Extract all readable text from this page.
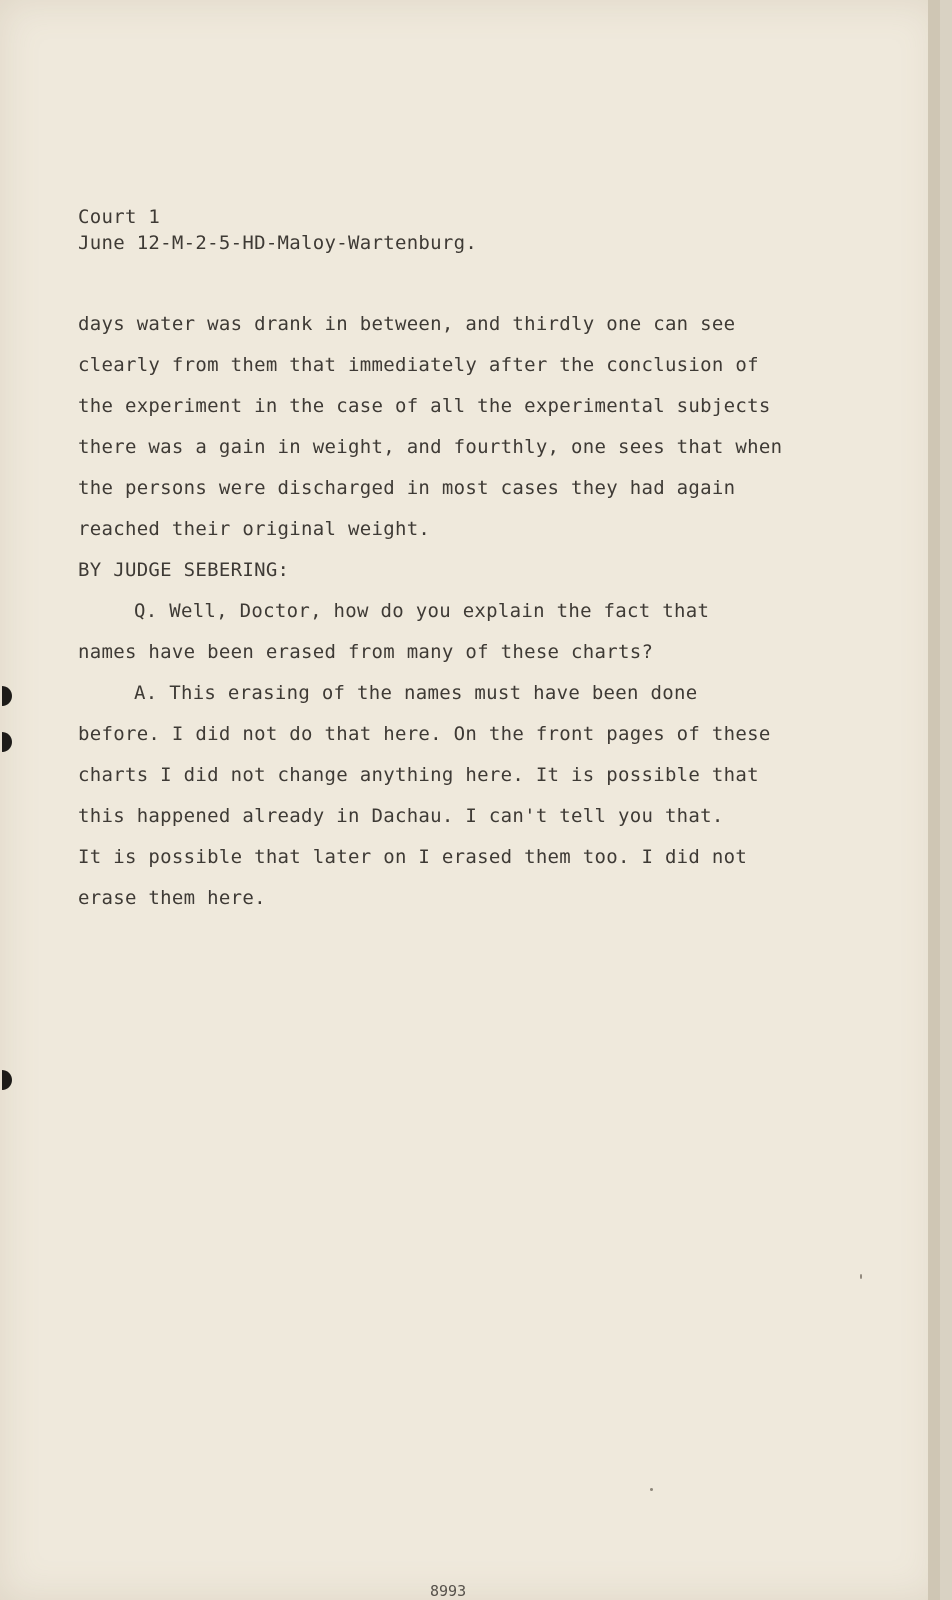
Court 1
June 12-M-2-5-HD-Maloy-Wartenburg.
days water was drank in between, and thirdly one can see
clearly from them that immediately after the conclusion of
the experiment in the case of all the experimental subjects
there was a gain in weight, and fourthly, one sees that when
the persons were discharged in most cases they had again
reached their original weight.
BY JUDGE SEBERING:
Q. Well, Doctor, how do you explain the fact that
names have been erased from many of these charts?
A. This erasing of the names must have been done
before. I did not do that here. On the front pages of these
charts I did not change anything here. It is possible that
this happened already in Dachau. I can't tell you that.
It is possible that later on I erased them too. I did not
erase them here.
8993
